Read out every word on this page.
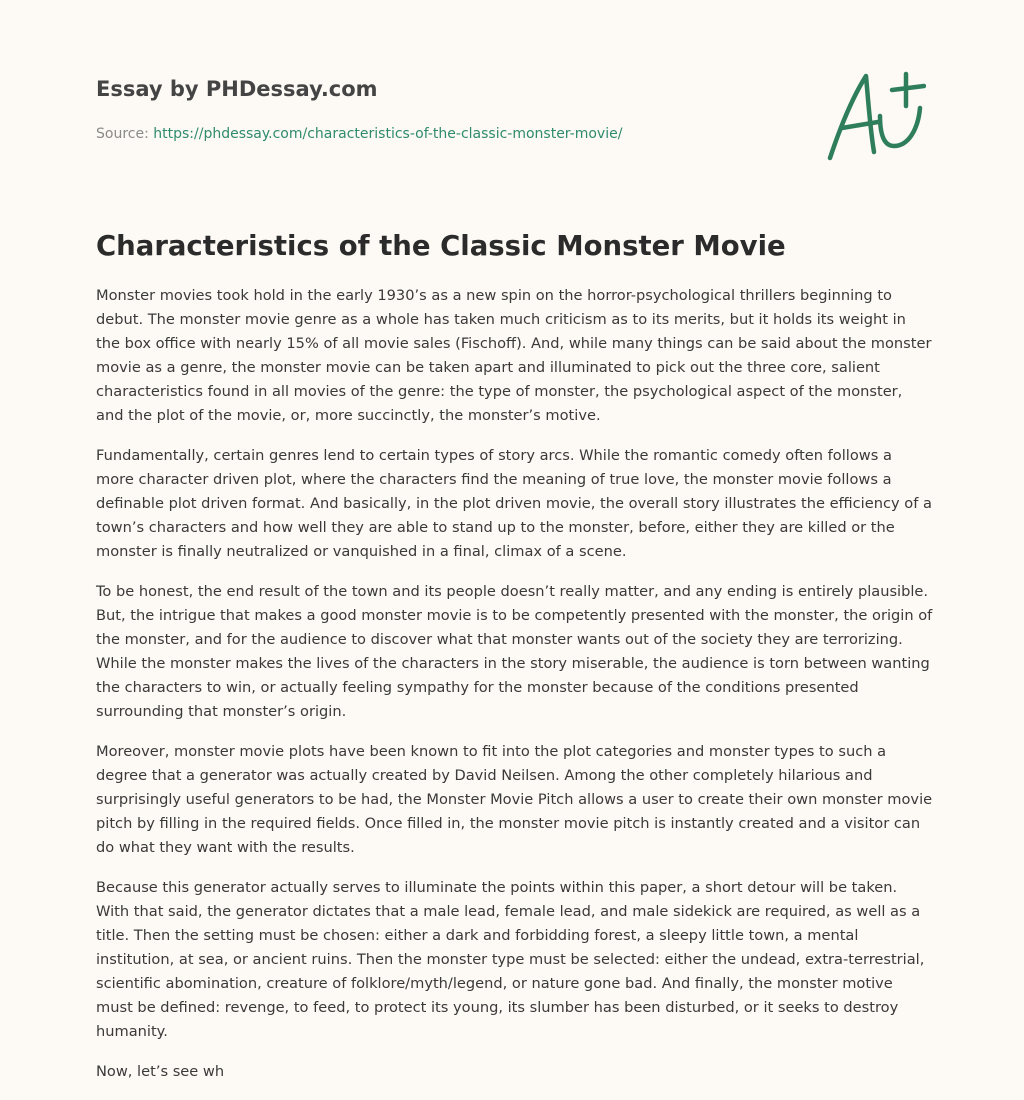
Essay by PHDessay.com
Source: https://phdessay.com/characteristics-of-the-classic-monster-movie/
Characteristics of the Classic Monster Movie

Monster movies took hold in the early 1930’s as a new spin on the horror-psychological thrillers beginning to debut. The monster movie genre as a whole has taken much criticism as to its merits, but it holds its weight in the box office with nearly 15% of all movie sales (Fischoff). And, while many things can be said about the monster movie as a genre, the monster movie can be taken apart and illuminated to pick out the three core, salient characteristics found in all movies of the genre: the type of monster, the psychological aspect of the monster, and the plot of the movie, or, more succinctly, the monster’s motive.

Fundamentally, certain genres lend to certain types of story arcs. While the romantic comedy often follows a more character driven plot, where the characters find the meaning of true love, the monster movie follows a definable plot driven format. And basically, in the plot driven movie, the overall story illustrates the efficiency of a town’s characters and how well they are able to stand up to the monster, before, either they are killed or the monster is finally neutralized or vanquished in a final, climax of a scene.

To be honest, the end result of the town and its people doesn’t really matter, and any ending is entirely plausible. But, the intrigue that makes a good monster movie is to be competently presented with the monster, the origin of the monster, and for the audience to discover what that monster wants out of the society they are terrorizing. While the monster makes the lives of the characters in the story miserable, the audience is torn between wanting the characters to win, or actually feeling sympathy for the monster because of the conditions presented surrounding that monster’s origin.

Moreover, monster movie plots have been known to fit into the plot categories and monster types to such a degree that a generator was actually created by David Neilsen. Among the other completely hilarious and surprisingly useful generators to be had, the Monster Movie Pitch allows a user to create their own monster movie pitch by filling in the required fields. Once filled in, the monster movie pitch is instantly created and a visitor can do what they want with the results.

Because this generator actually serves to illuminate the points within this paper, a short detour will be taken. With that said, the generator dictates that a male lead, female lead, and male sidekick are required, as well as a title. Then the setting must be chosen: either a dark and forbidding forest, a sleepy little town, a mental institution, at sea, or ancient ruins. Then the monster type must be selected: either the undead, extra-terrestrial, scientific abomination, creature of folklore/myth/legend, or nature gone bad. And finally, the monster motive must be defined: revenge, to feed, to protect its young, its slumber has been disturbed, or it seeks to destroy humanity.

Now, let’s see wh
